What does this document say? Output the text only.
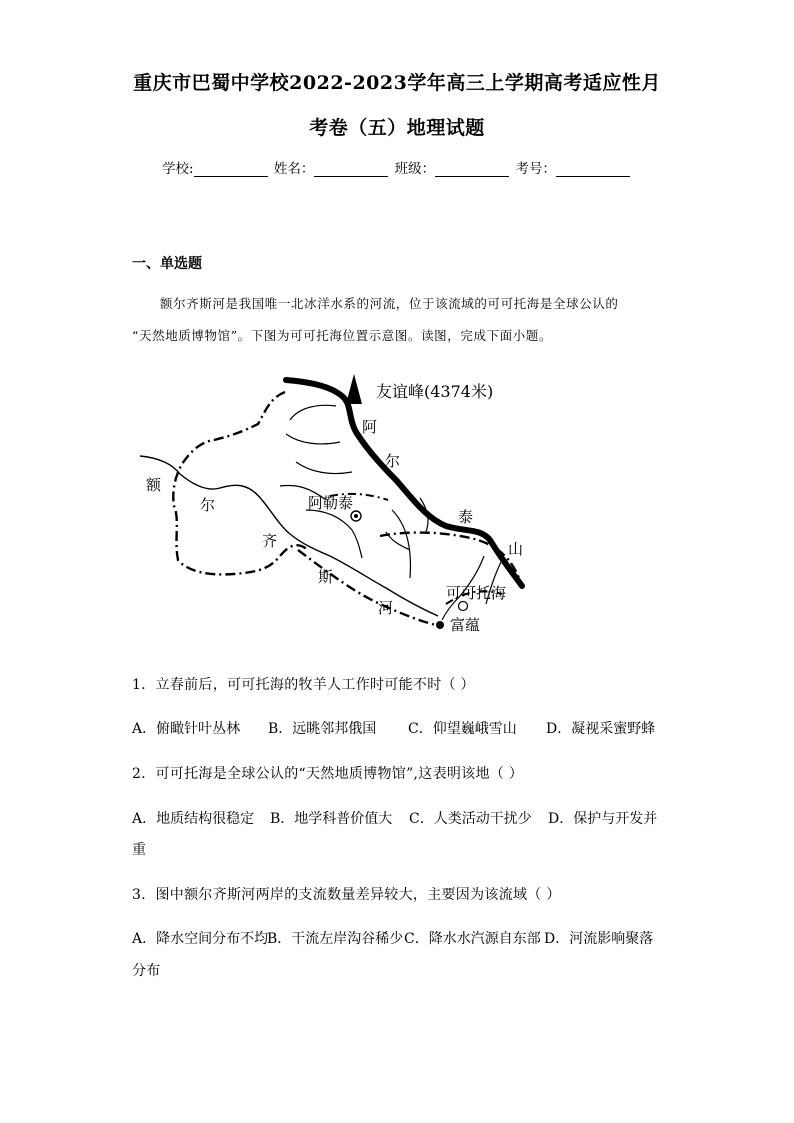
重庆市巴蜀中学校2022-2023学年高三上学期高考适应性月
考卷（五）地理试题
学校:	姓名：	班级：	考号：
一、单选题
额尔齐斯河是我国唯一北冰洋水系的河流，位于该流域的可可托海是全球公认的
“天然地质博物馆”。下图为可可托海位置示意图。读图，完成下面小题。
友谊峰(4374米)
阿
尔
泰
山
额
尔
齐
斯
河
阿勒泰
可可托海
富蕴
1．立春前后，可可托海的牧羊人工作时可能不时（ ）
A．俯瞰针叶丛林 B．远眺邻邦俄国 C．仰望巍峨雪山 D．凝视采蜜野蜂
2．可可托海是全球公认的“天然地质博物馆”,这表明该地（ ）
A．地质结构很稳定 B．地学科普价值大 C．人类活动干扰少 D．保护与开发并
重
3．图中额尔齐斯河两岸的支流数量差异较大，主要因为该流域（ ）
A．降水空间分布不均B．干流左岸沟谷稀少C．降水水汽源自东部 D．河流影响聚落
分布
